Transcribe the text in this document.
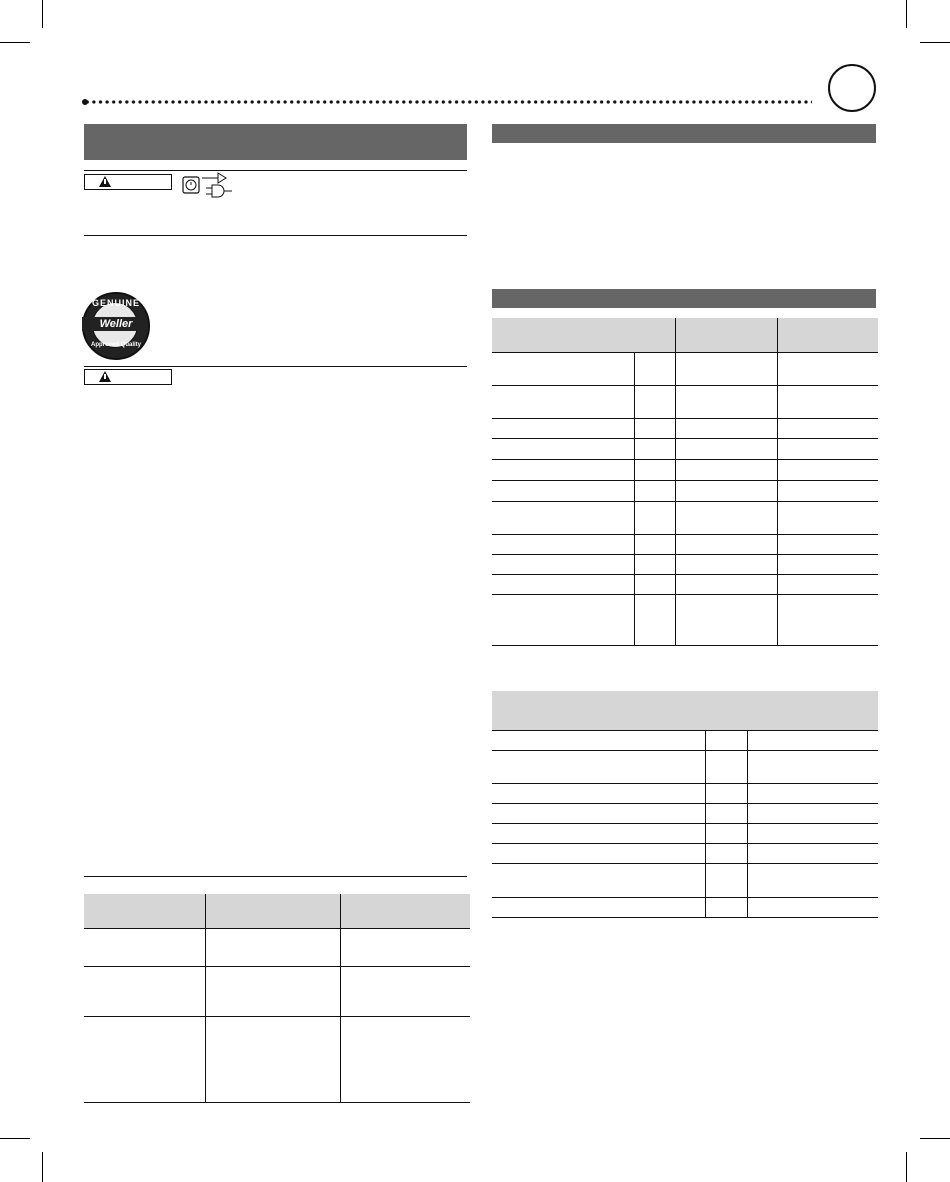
GENUINE
Weller
Approved Quality
